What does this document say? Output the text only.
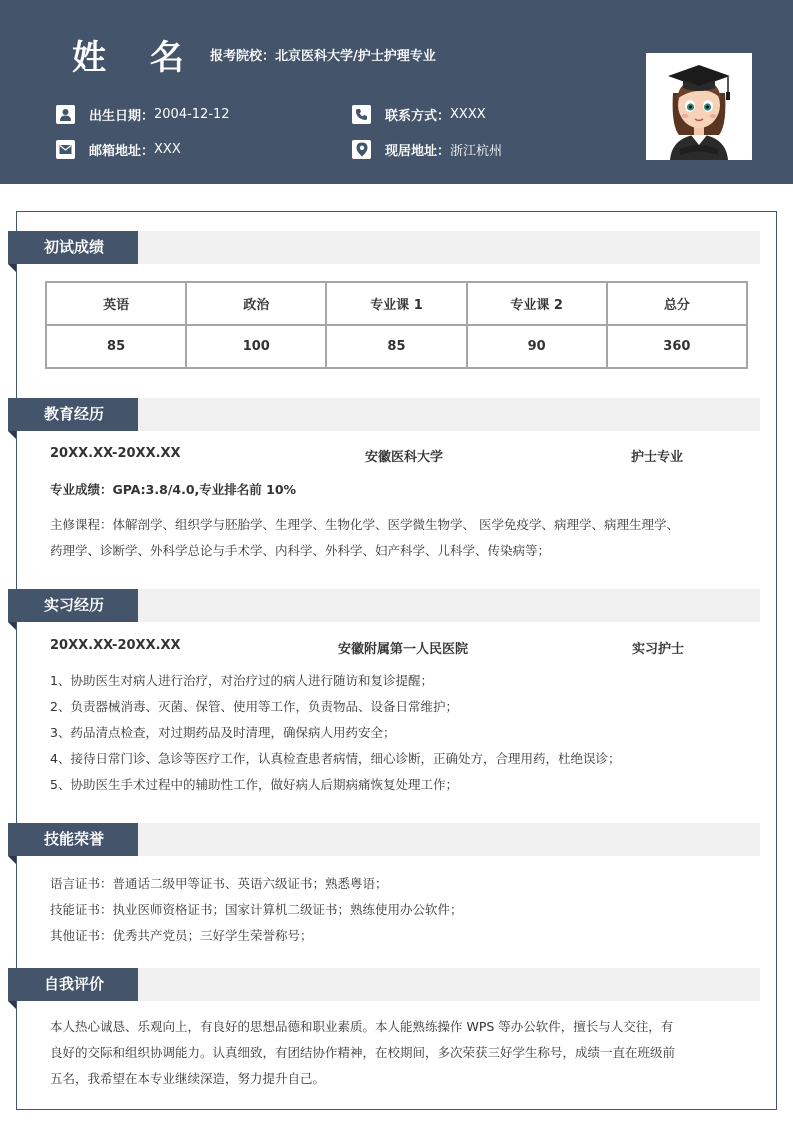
姓 名 报考院校：北京医科大学/护士护理专业
出生日期： 2004-12-12	联系方式： XXXX
邮箱地址： XXX	现居地址： 浙江杭州
初试成绩
英语	政治	专业课 1	专业课 2	总分
85	100	85	90	360
教育经历
20XX.XX-20XX.XX	安徽医科大学	护士专业
专业成绩：GPA:3.8/4.0,专业排名前 10%
主修课程：体解剖学、组织学与胚胎学、生理学、生物化学、医学微生物学、 医学免疫学、病理学、病理生理学、
药理学、诊断学、外科学总论与手术学、内科学、外科学、妇产科学、儿科学、传染病等；
实习经历
20XX.XX-20XX.XX	安徽附属第一人民医院	实习护士
1、协助医生对病人进行治疗，对治疗过的病人进行随访和复诊提醒；
2、负责器械消毒、灭菌、保管、使用等工作，负责物品、设备日常维护；
3、药品清点检查，对过期药品及时清理，确保病人用药安全；
4、接待日常门诊、急诊等医疗工作，认真检查患者病情，细心诊断，正确处方，合理用药，杜绝误诊；
5、协助医生手术过程中的辅助性工作，做好病人后期病痛恢复处理工作；
技能荣誉
语言证书：普通话二级甲等证书、英语六级证书；熟悉粤语；
技能证书：执业医师资格证书；国家计算机二级证书；熟练使用办公软件；
其他证书：优秀共产党员；三好学生荣誉称号；
自我评价
本人热心诚恳、乐观向上，有良好的思想品德和职业素质。本人能熟练操作 WPS 等办公软件，擅长与人交往，有
良好的交际和组织协调能力。认真细致，有团结协作精神，在校期间，多次荣获三好学生称号，成绩一直在班级前
五名，我希望在本专业继续深造，努力提升自己。
